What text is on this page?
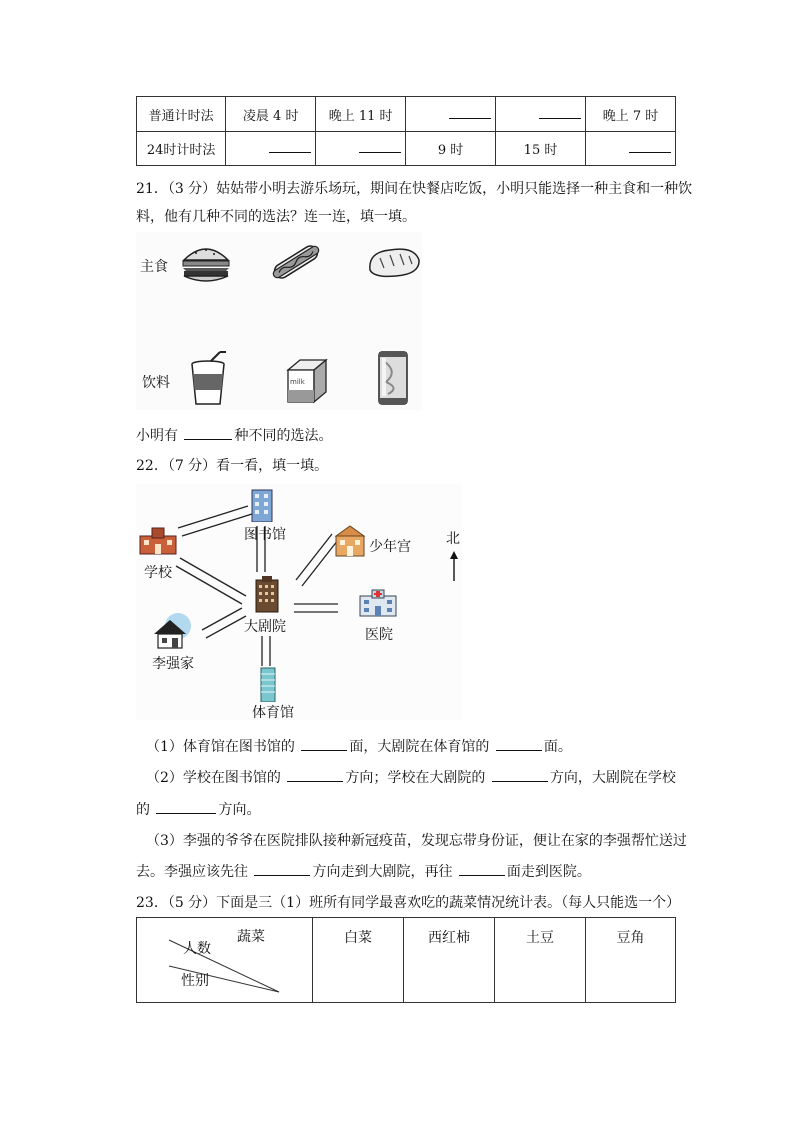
普通计时法	凌晨 4 时	晚上 11 时			晚上 7 时
24时计时法			9 时	15 时	
21．（3 分）姑姑带小明去游乐场玩，期间在快餐店吃饭，小明只能选择一种主食和一种饮
料，他有几种不同的选法？连一连，填一填。
主食
饮料	milk
小明有	种不同的选法。
22．（7 分）看一看，填一填。
图书馆
学校
少年宫	北
大剧院	医院
李强家
体育馆
（1）体育馆在图书馆的	面，大剧院在体育馆的	面。
（2）学校在图书馆的	方向；学校在大剧院的	方向，大剧院在学校
的	方向。
（3）李强的爷爷在医院排队接种新冠疫苗，发现忘带身份证，便让在家的李强帮忙送过
去。李强应该先往	方向走到大剧院，再往	面走到医院。
23．（5 分）下面是三（1）班所有同学最喜欢吃的蔬菜情况统计表。（每人只能选一个）
蔬菜
人数
性别
白菜	西红柿	土豆	豆角
